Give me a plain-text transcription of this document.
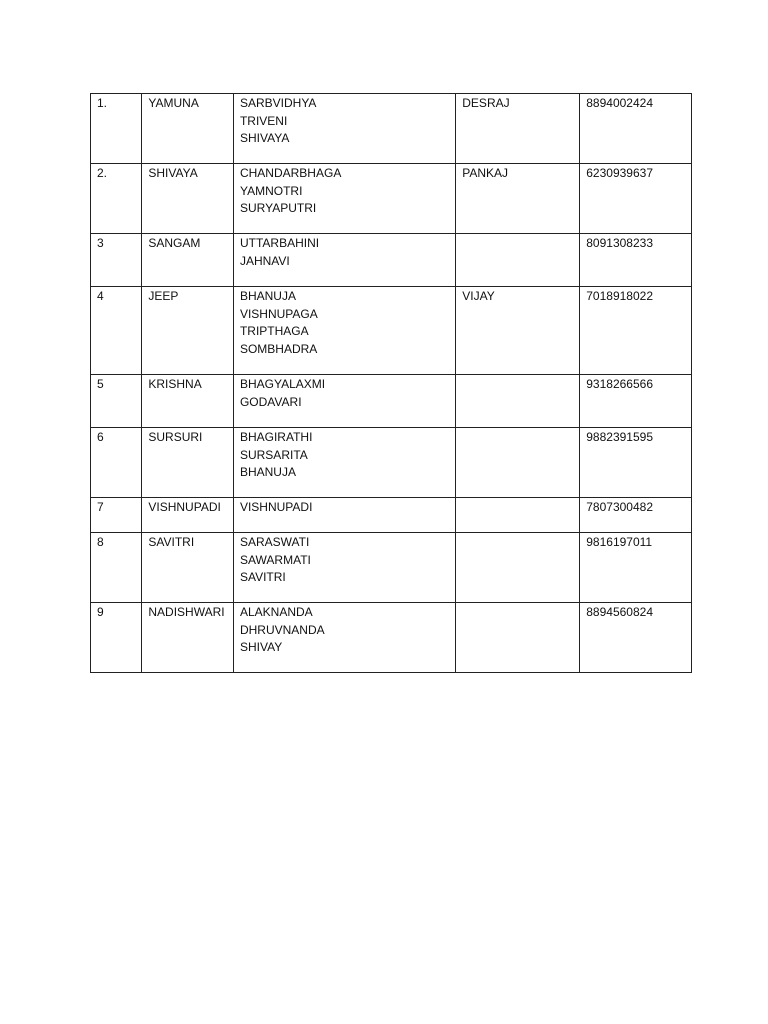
1.	YAMUNA	SARBVIDHYA
TRIVENI
SHIVAYA	DESRAJ	8894002424
2.	SHIVAYA	CHANDARBHAGA
YAMNOTRI
SURYAPUTRI	PANKAJ	6230939637
3	SANGAM	UTTARBAHINI
JAHNAVI		8091308233
4	JEEP	BHANUJA
VISHNUPAGA
TRIPTHAGA
SOMBHADRA	VIJAY	7018918022
5	KRISHNA	BHAGYALAXMI
GODAVARI		9318266566
6	SURSURI	BHAGIRATHI
SURSARITA
BHANUJA		9882391595
7	VISHNUPADI	VISHNUPADI		7807300482
8	SAVITRI	SARASWATI
SAWARMATI
SAVITRI		9816197011
9	NADISHWARI	ALAKNANDA
DHRUVNANDA
SHIVAY		8894560824
